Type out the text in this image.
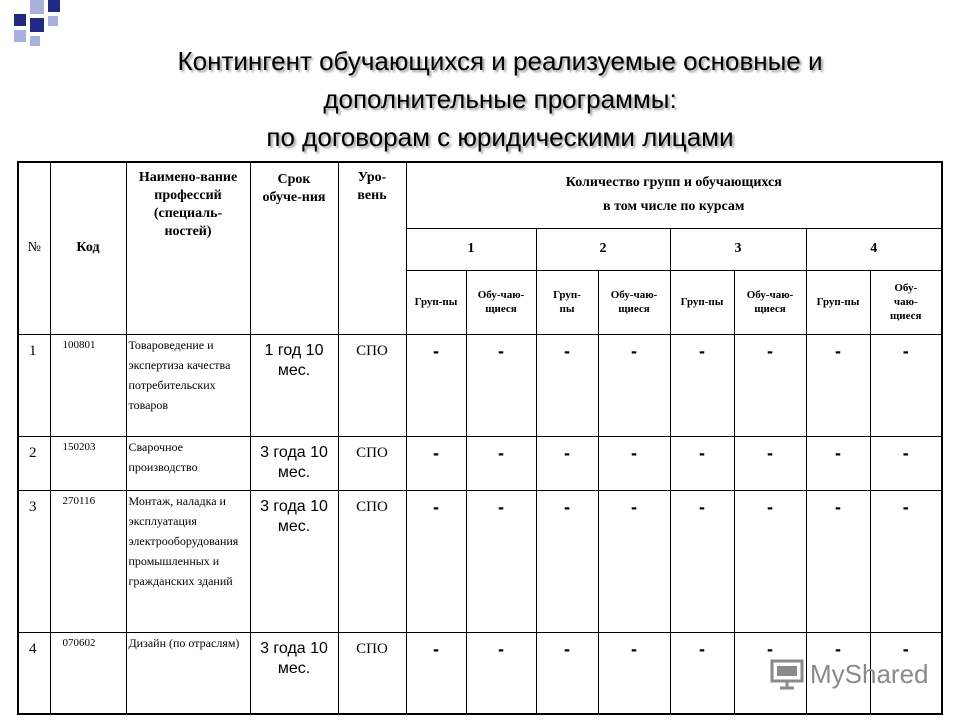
Контингент обучающихся и реализуемые основные и
дополнительные программы:
по договорам с юридическими лицами
№	Код	Наимено-вание профессий (специаль-ностей)	Срок обуче-ния	Уро-вень	Количество групп и обучающихся
в том числе по курсам							

					1		2		3		4	
					Груп-пы	Обу-чаю-щиеся	Груп-пы	Обу-чаю-щиеся	Груп-пы	Обу-чаю-щиеся	Груп-пы	Обу-чаю-щиеся
1	100801	Товароведение и экспертиза качества потребительских товаров	1 год 10 мес.	СПО	-	-	-	-	-	-	-	-
2	150203	Сварочное производство	3 года 10 мес.	СПО	-	-	-	-	-	-	-	-
3	270116	Монтаж, наладка и эксплуатация электрооборудования промышленных и гражданских зданий	3 года 10 мес.	СПО	-	-	-	-	-	-	-	-
4	070602	Дизайн (по отраслям)	3 года 10 мес.	СПО	-	-	-	-	-	-	-	-
MyShared
